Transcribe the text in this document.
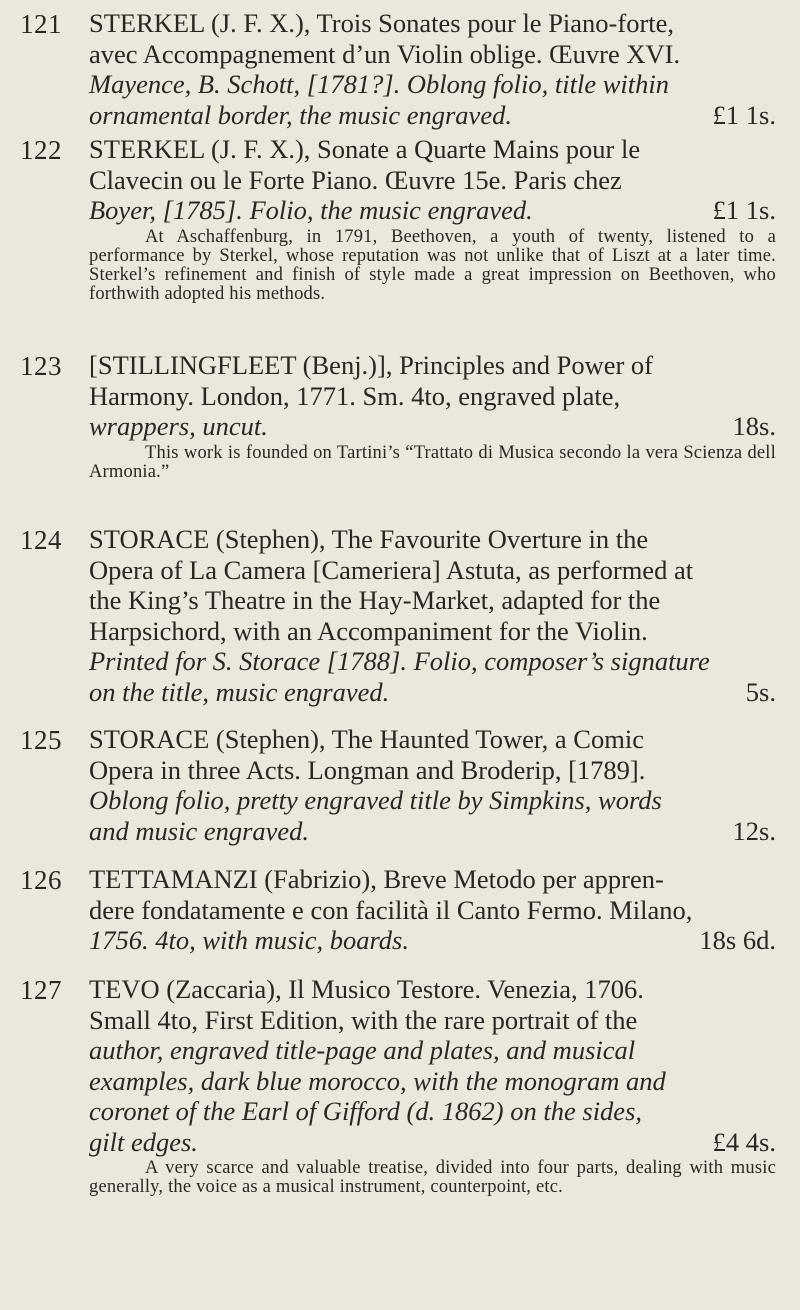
121 STERKEL (J. F. X.), Trois Sonates pour le Piano-forte,
avec Accompagnement d’un Violin oblige. Œuvre XVI.
Mayence, B. Schott, [1781?]. Oblong folio, title within
ornamental border, the music engraved.	£1 1s.
122 STERKEL (J. F. X.), Sonate a Quarte Mains pour le
Clavecin ou le Forte Piano. Œuvre 15e. Paris chez
Boyer, [1785]. Folio, the music engraved.	£1 1s.
At Aschaffenburg, in 1791, Beethoven, a youth of twenty, listened to a performance by Sterkel, whose reputation was not unlike that of Liszt at a later time. Sterkel’s refinement and finish of style made a great impression on Beethoven, who forthwith adopted his methods.
123 [STILLINGFLEET (Benj.)], Principles and Power of
Harmony. London, 1771. Sm. 4to, engraved plate,
wrappers, uncut.	18s.
This work is founded on Tartini’s “Trattato di Musica secondo la vera Scienza dell Armonia.”
124 STORACE (Stephen), The Favourite Overture in the
Opera of La Camera [Cameriera] Astuta, as performed at
the King’s Theatre in the Hay-Market, adapted for the
Harpsichord, with an Accompaniment for the Violin.
Printed for S. Storace [1788]. Folio, composer’s signature
on the title, music engraved.	5s.
125 STORACE (Stephen), The Haunted Tower, a Comic
Opera in three Acts. Longman and Broderip, [1789].
Oblong folio, pretty engraved title by Simpkins, words
and music engraved.	12s.
126 TETTAMANZI (Fabrizio), Breve Metodo per appren-
dere fondatamente e con facilità il Canto Fermo. Milano,
1756. 4to, with music, boards.	18s 6d.
127 TEVO (Zaccaria), Il Musico Testore. Venezia, 1706.
Small 4to, First Edition, with the rare portrait of the
author, engraved title-page and plates, and musical
examples, dark blue morocco, with the monogram and
coronet of the Earl of Gifford (d. 1862) on the sides,
gilt edges.	£4 4s.
A very scarce and valuable treatise, divided into four parts, dealing with music generally, the voice as a musical instrument, counterpoint, etc.
